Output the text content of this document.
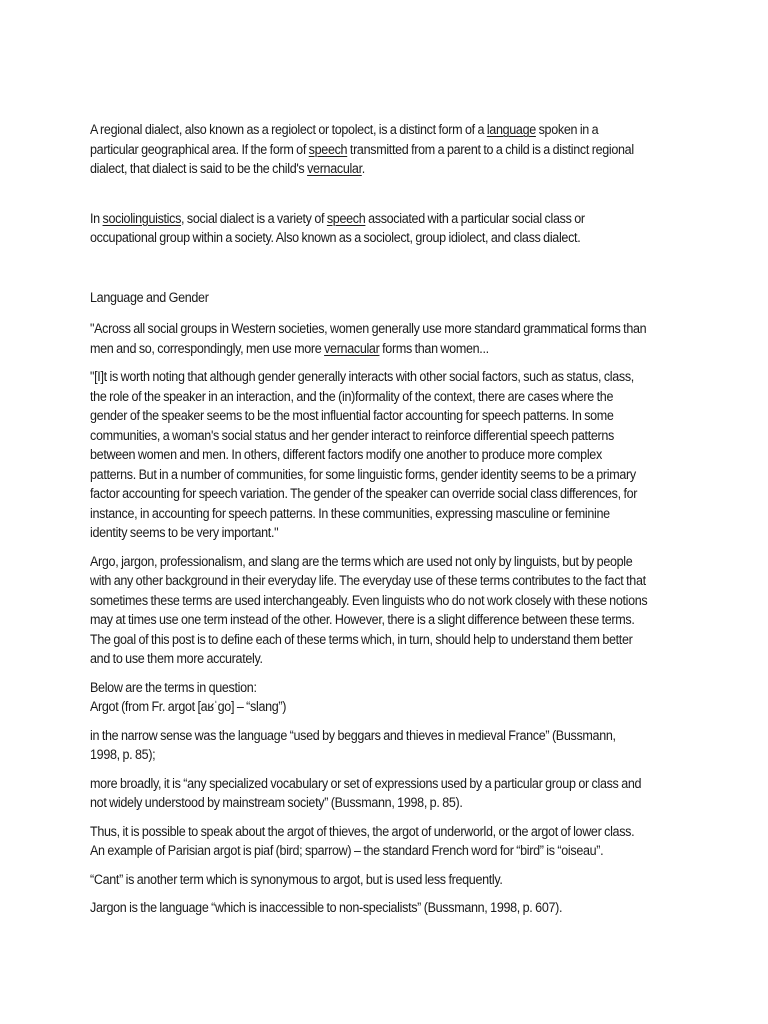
A regional dialect, also known as a regiolect or topolect, is a distinct form of a language spoken in a particular geographical area. If the form of speech transmitted from a parent to a child is a distinct regional dialect, that dialect is said to be the child's vernacular.

In sociolinguistics, social dialect is a variety of speech associated with a particular social class or occupational group within a society. Also known as a sociolect, group idiolect, and class dialect.

Language and Gender

"Across all social groups in Western societies, women generally use more standard grammatical forms than men and so, correspondingly, men use more vernacular forms than women...

"[I]t is worth noting that although gender generally interacts with other social factors, such as status, class, the role of the speaker in an interaction, and the (in)formality of the context, there are cases where the gender of the speaker seems to be the most influential factor accounting for speech patterns. In some communities, a woman's social status and her gender interact to reinforce differential speech patterns between women and men. In others, different factors modify one another to produce more complex patterns. But in a number of communities, for some linguistic forms, gender identity seems to be a primary factor accounting for speech variation. The gender of the speaker can override social class differences, for instance, in accounting for speech patterns. In these communities, expressing masculine or feminine identity seems to be very important."

Argo, jargon, professionalism, and slang are the terms which are used not only by linguists, but by people with any other background in their everyday life. The everyday use of these terms contributes to the fact that sometimes these terms are used interchangeably. Even linguists who do not work closely with these notions may at times use one term instead of the other. However, there is a slight difference between these terms. The goal of this post is to define each of these terms which, in turn, should help to understand them better and to use them more accurately.

Below are the terms in question:
Argot (from Fr. argot [aʁˈgo] – “slang”)

in the narrow sense was the language “used by beggars and thieves in medieval France” (Bussmann, 1998, p. 85);

more broadly, it is “any specialized vocabulary or set of expressions used by a particular group or class and not widely understood by mainstream society” (Bussmann, 1998, p. 85).

Thus, it is possible to speak about the argot of thieves, the argot of underworld, or the argot of lower class. An example of Parisian argot is piaf (bird; sparrow) – the standard French word for “bird” is “oiseau”.

“Cant” is another term which is synonymous to argot, but is used less frequently.

Jargon is the language “which is inaccessible to non-specialists” (Bussmann, 1998, p. 607).
